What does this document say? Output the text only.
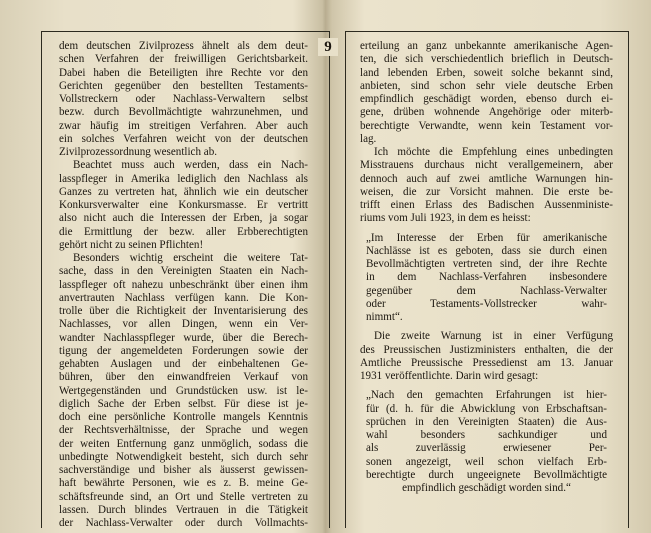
dem deutschen Zivilprozess ähnelt als dem deut-
schen Verfahren der freiwilligen Gerichtsbarkeit.
Dabei haben die Beteiligten ihre Rechte vor den
Gerichten gegenüber den bestellten Testaments-
Vollstreckern oder Nachlass-Verwaltern selbst
bezw. durch Bevollmächtigte wahrzunehmen, und
zwar häufig im streitigen Verfahren. Aber auch
ein solches Verfahren weicht von der deutschen
Zivilprozessordnung wesentlich ab.
Beachtet muss auch werden, dass ein Nach-
lasspfleger in Amerika lediglich den Nachlass als
Ganzes zu vertreten hat, ähnlich wie ein deutscher
Konkursverwalter eine Konkursmasse. Er vertritt
also nicht auch die Interessen der Erben, ja sogar
die Ermittlung der bezw. aller Erbberechtigten
gehört nicht zu seinen Pflichten!
Besonders wichtig erscheint die weitere Tat-
sache, dass in den Vereinigten Staaten ein Nach-
lasspfleger oft nahezu unbeschränkt über einen ihm
anvertrauten Nachlass verfügen kann. Die Kon-
trolle über die Richtigkeit der Inventarisierung des
Nachlasses, vor allen Dingen, wenn ein Ver-
wandter Nachlasspfleger wurde, über die Berech-
tigung der angemeldeten Forderungen sowie der
gehabten Auslagen und der einbehaltenen Ge-
bühren, über den einwandfreien Verkauf von
Wertgegenständen und Grundstücken usw. ist le-
diglich Sache der Erben selbst. Für diese ist je-
doch eine persönliche Kontrolle mangels Kenntnis
der Rechtsverhältnisse, der Sprache und wegen
der weiten Entfernung ganz unmöglich, sodass die
unbedingte Notwendigkeit besteht, sich durch sehr
sachverständige und bisher als äusserst gewissen-
haft bewährte Personen, wie es z. B. meine Ge-
schäftsfreunde sind, an Ort und Stelle vertreten zu
lassen. Durch blindes Vertrauen in die Tätigkeit
der Nachlass-Verwalter oder durch Vollmachts-
erteilung an ganz unbekannte amerikanische Agen-
ten, die sich verschiedentlich brieflich in Deutsch-
land lebenden Erben, soweit solche bekannt sind,
anbieten, sind schon sehr viele deutsche Erben
empfindlich geschädigt worden, ebenso durch ei-
gene, drüben wohnende Angehörige oder miterb-
berechtigte Verwandte, wenn kein Testament vor-
lag.
Ich möchte die Empfehlung eines unbedingten
Misstrauens durchaus nicht verallgemeinern, aber
dennoch auch auf zwei amtliche Warnungen hin-
weisen, die zur Vorsicht mahnen. Die erste be-
trifft einen Erlass des Badischen Aussenministe-
riums vom Juli 1923, in dem es heisst:
„Im Interesse der Erben für amerikanische
Nachlässe ist es geboten, dass sie durch einen
Bevollmächtigten vertreten sind, der ihre Rechte
in dem Nachlass-Verfahren insbesondere
gegenüber dem Nachlass-Verwalter
oder Testaments-Vollstrecker wahr-
nimmt“.
Die zweite Warnung ist in einer Verfügung
des Preussischen Justizministers enthalten, die der
Amtliche Preussische Pressedienst am 13. Januar
1931 veröffentlichte. Darin wird gesagt:
„Nach den gemachten Erfahrungen ist hier-
für (d. h. für die Abwicklung von Erbschaftsan-
sprüchen in den Vereinigten Staaten) die Aus-
wahl besonders sachkundiger und
als zuverlässig erwiesener Per-
sonen angezeigt, weil schon vielfach Erb-
berechtigte durch ungeeignete Bevollmächtigte
empfindlich geschädigt worden sind.“
9
